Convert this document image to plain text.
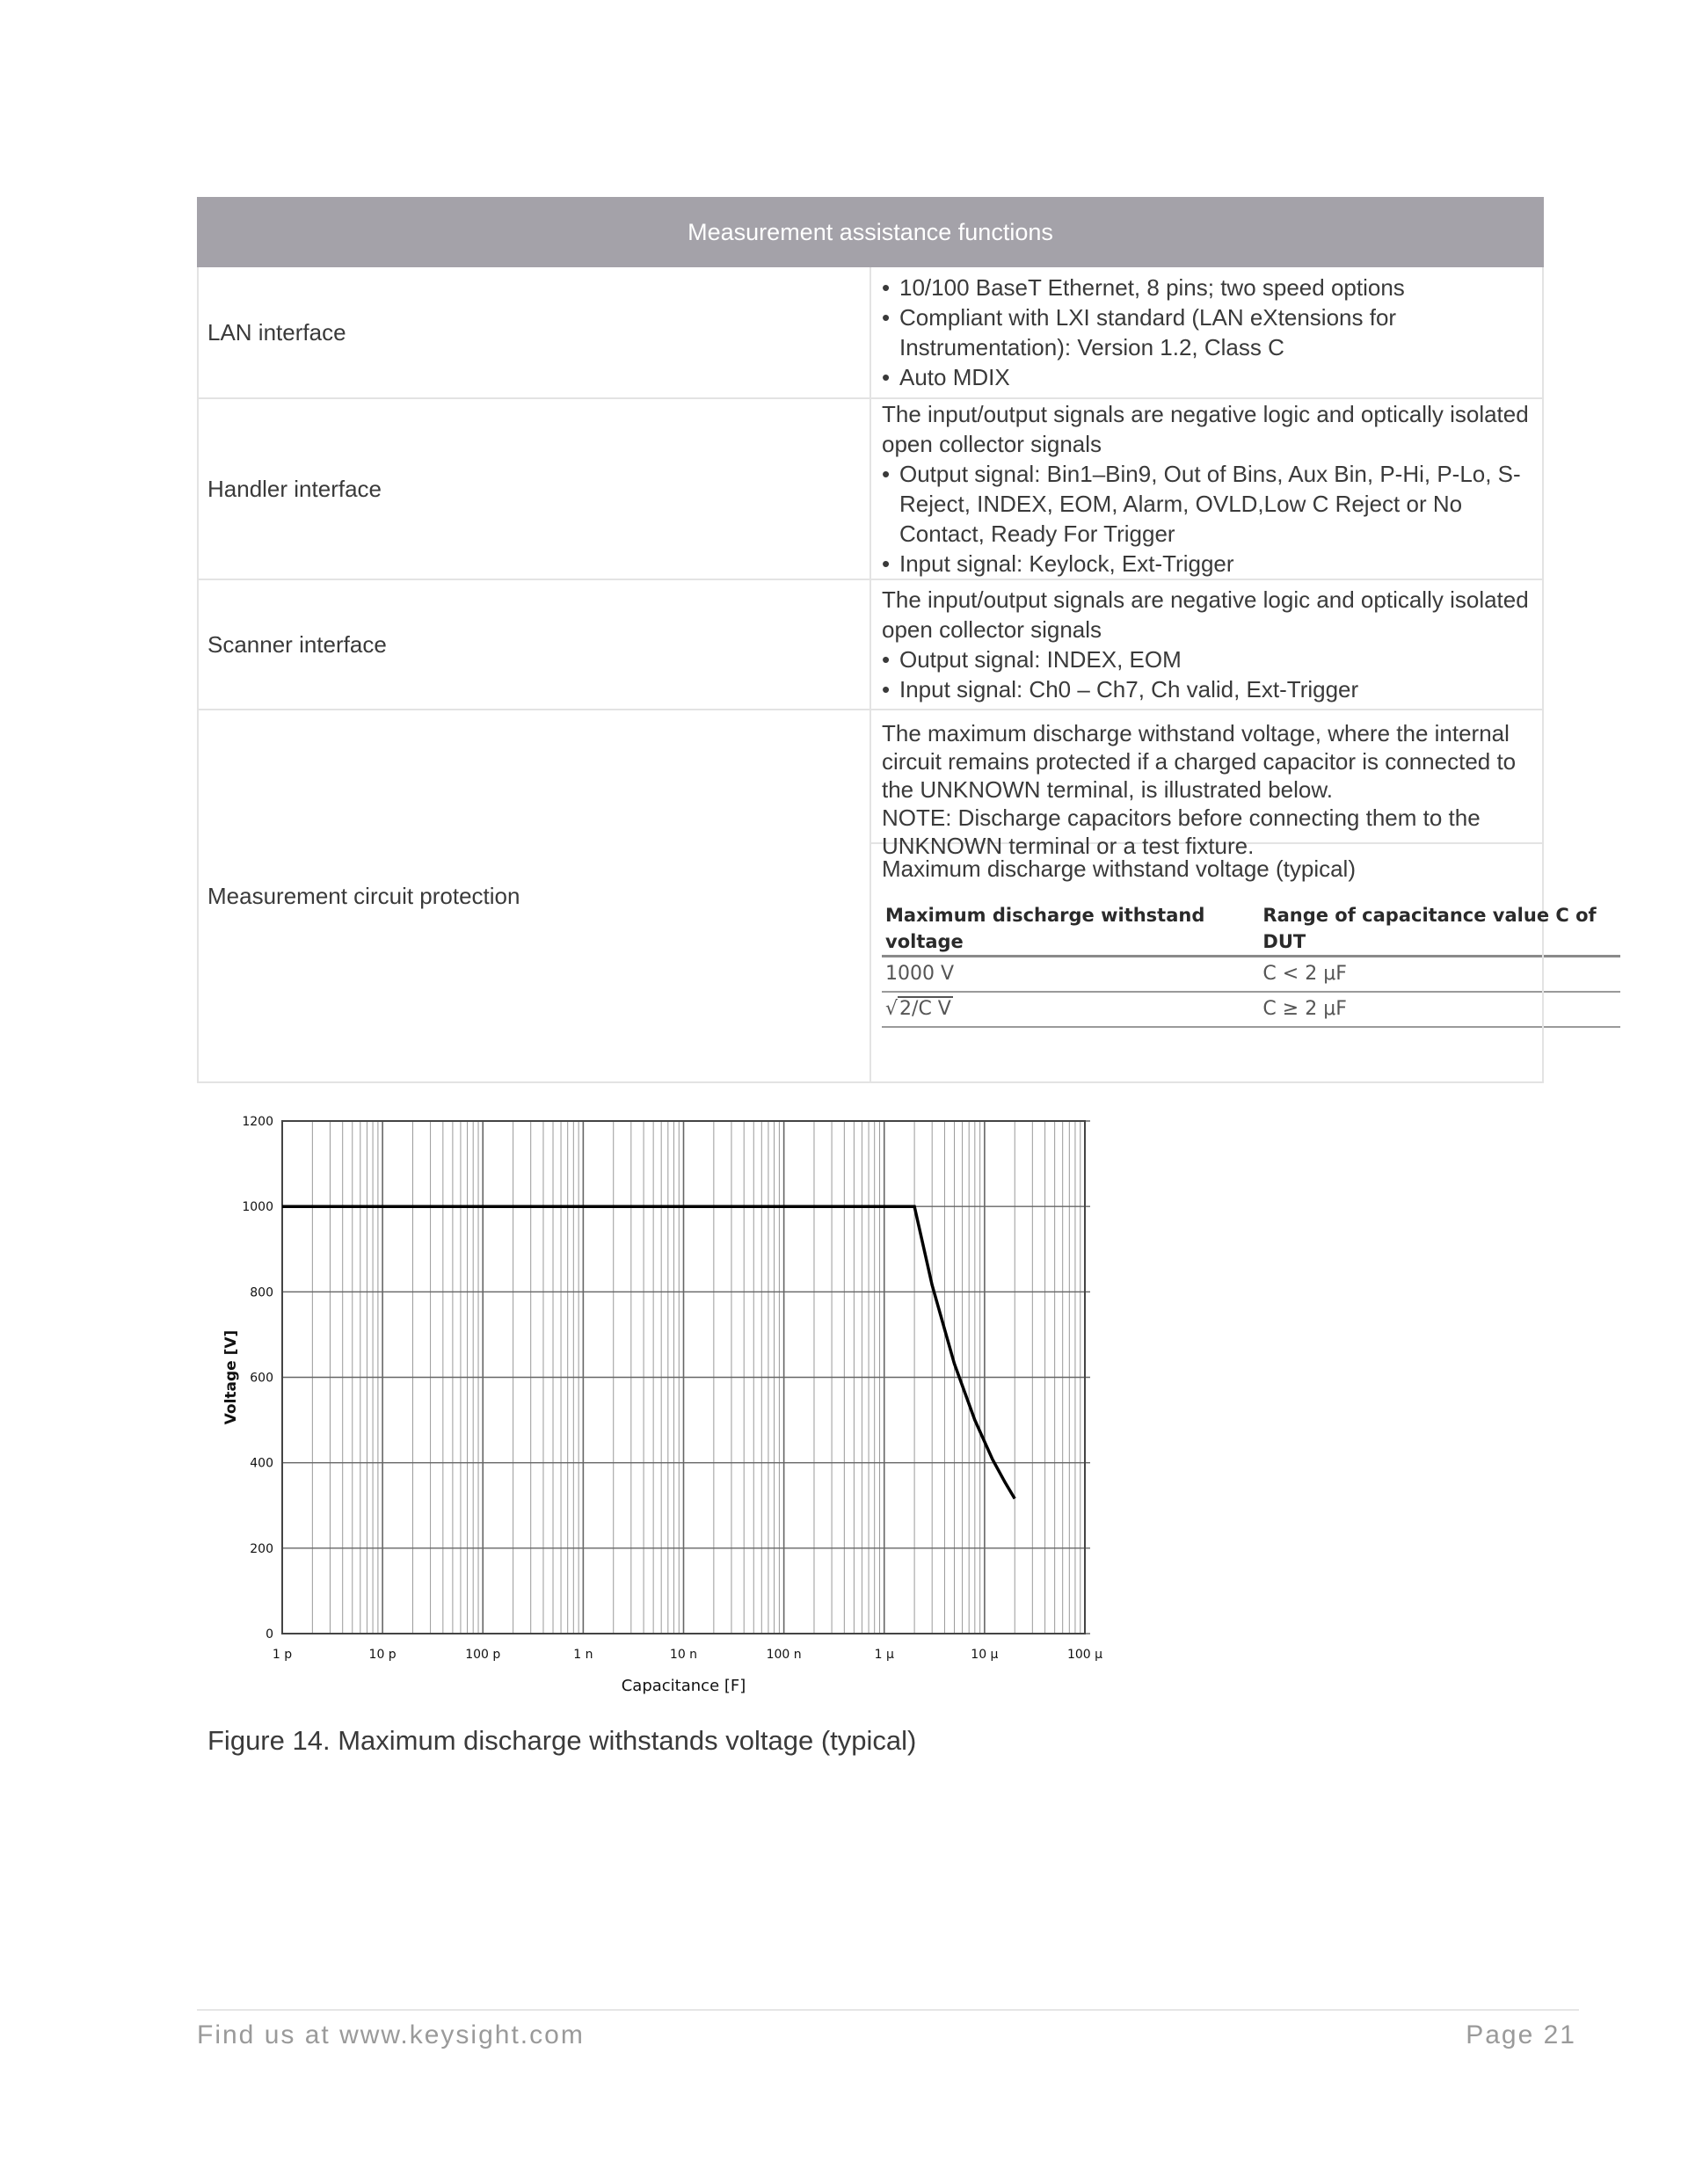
Measurement assistance functions
LAN interface	
• 10/100 BaseT Ethernet, 8 pins; two speed options
• Compliant with LXI standard (LAN eXtensions for Instrumentation): Version 1.2, Class C
• Auto MDIX

Handler interface	

The input/output signals are negative logic and optically isolated open collector signals

• Output signal: Bin1–Bin9, Out of Bins, Aux Bin, P-Hi, P-Lo, S-Reject, INDEX, EOM, Alarm, OVLD,Low C Reject or No Contact, Ready For Trigger
• Input signal: Keylock, Ext-Trigger

Scanner interface	

The input/output signals are negative logic and optically isolated open collector signals

• Output signal: INDEX, EOM
• Input signal: Ch0 – Ch7, Ch valid, Ext-Trigger

Measurement circuit protection	

The maximum discharge withstand voltage, where the internal circuit remains protected if a charged capacitor is connected to the UNKNOWN terminal, is illustrated below.

NOTE: Discharge capacitors before connecting them to the UNKNOWN terminal or a test fixture.

Maximum discharge withstand voltage (typical)

Maximum discharge withstand voltage	Range of capacitance value C of DUT
1000 V	C < 2 μF
√2/C V	C ≥ 2 μF
0
200
400
600
800
1000
1200
1 p	10 p	100 p	1 n	10 n	100 n	1 μ	10 μ	100 μ
Voltage [V]
Capacitance [F]
Figure 14. Maximum discharge withstands voltage (typical)
Find us at www.keysight.com	Page 21
